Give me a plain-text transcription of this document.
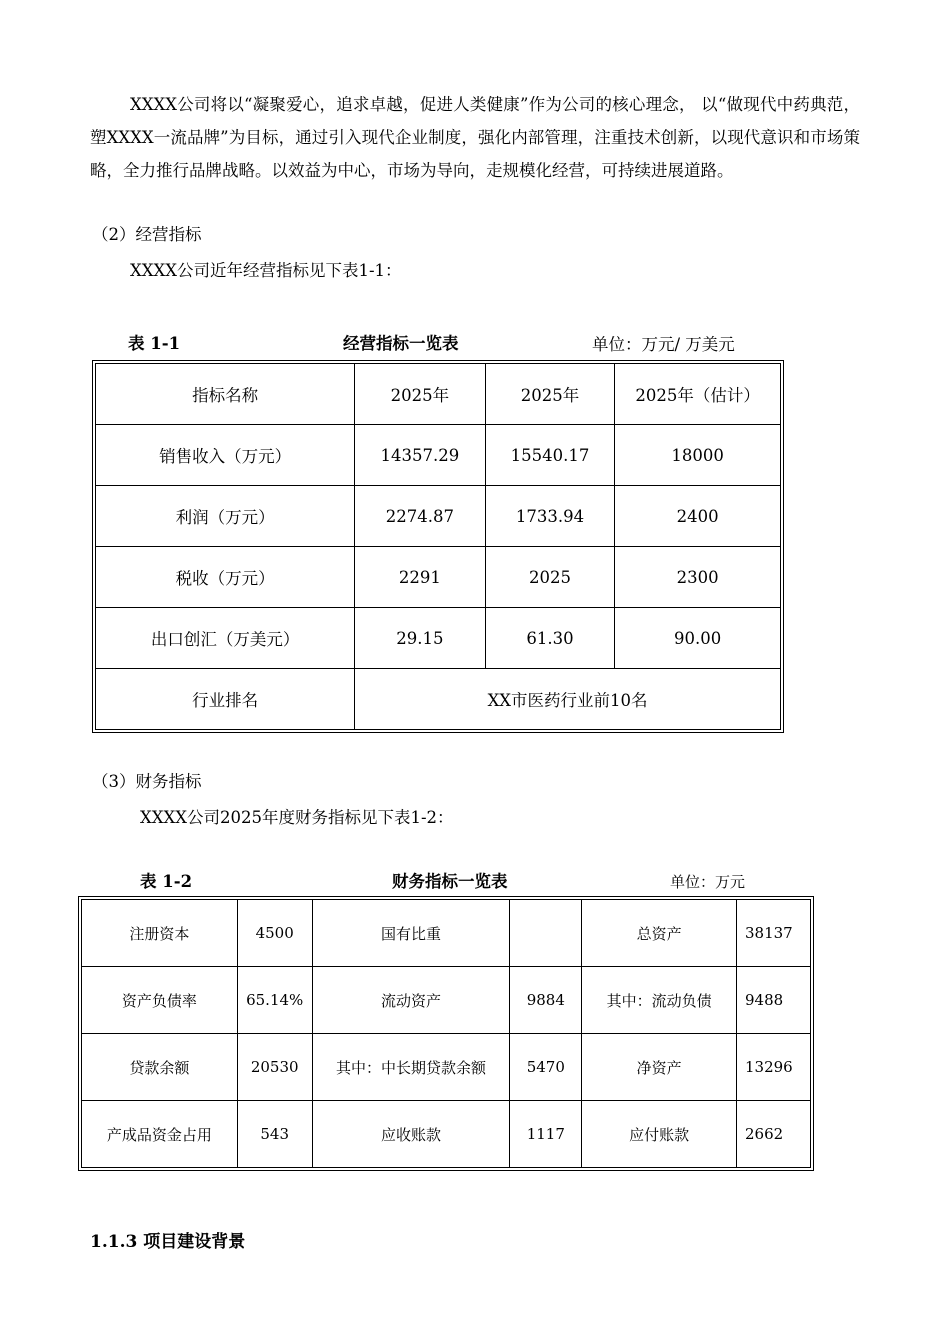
XXXX公司将以“凝聚爱心，追求卓越，促进人类健康”作为公司的核心理念， 以“做现代中药典范，塑XXXX一流品牌”为目标，通过引入现代企业制度，强化内部管理，注重技术创新，以现代意识和市场策略，全力推行品牌战略。以效益为中心，市场为导向，走规模化经营，可持续进展道路。

（2）经营指标
XXXX公司近年经营指标见下表1-1：
表 1-1	经营指标一览表	单位：万元/ 万美元
指标名称	2025年	2025年	2025年（估计）
销售收入（万元）	14357.29	15540.17	18000
利润（万元）	2274.87	1733.94	2400
税收（万元）	2291	2025	2300
出口创汇（万美元）	29.15	61.30	90.00
行业排名	XX市医药行业前10名		
（3）财务指标
XXXX公司2025年度财务指标见下表1-2：
表 1-2	财务指标一览表	单位：万元
注册资本	4500	国有比重		总资产	38137
资产负债率	65.14%	流动资产	9884	其中：流动负债	9488
贷款余额	20530	其中：中长期贷款余额	5470	净资产	13296
产成品资金占用	543	应收账款	1117	应付账款	2662
1.1.3 项目建设背景
